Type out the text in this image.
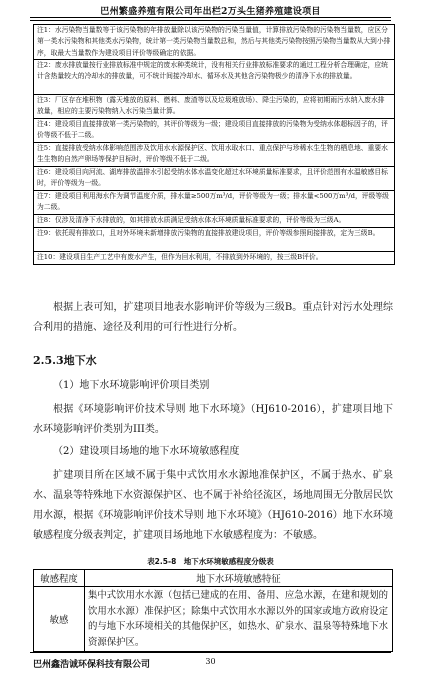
巴州繁盛养殖有限公司年出栏2万头生猪养殖建设项目
注1：水污染物当量数等于该污染物的年排放量除以该污染物的污染当量值，计算排放污染物的污染物当量数，应区分第一类水污染物和其他类水污染物，统计第一类污染物当量数总和，然后与其他类污染物按照污染物当量数从大到小排序，取最大当量数作为建设项目评价等级确定的依据。
注2：废水排放量按行业排放标准中规定的废水种类统计，没有相关行业排放标准要求的通过工程分析合理确定，应统计含热量较大的冷却水的排放量，可不统计间接冷却水、循环水及其他含污染物极少的清净下水的排放量。
注3：厂区存在堆积物（露天堆放的原料、燃料、废渣等以及垃圾堆放场）、降尘污染的，应将初期雨污水纳入废水排放量，相应的主要污染物纳入水污染当量计算。
注4：建设项目直接排放第一类污染物的，其评价等级为一级；建设项目直接排放的污染物为受纳水体超标因子的，评价等级不低于二级。
注5：直接排放受纳水体影响范围涉及饮用水水源保护区、饮用水取水口、重点保护与珍稀水生生物的栖息地、重要水生生物的自然产卵场等保护目标时，评价等级不低于二级。
注6：建设项目向河流、湖库排放温排水引起受纳水体水温变化超过水环境质量标准要求，且评价范围有水温敏感目标时，评价等级为一级。
注7：建设项目利用海水作为调节温度介质，排水量≥500万m³/d，评价等级为一级；排水量<500万m³/d，评级等级为二级。
注8：仅涉及清净下水排放的，如其排放水质满足受纳水体水环境质量标准要求的，评价等级为三级A。
注9：依托现有排放口，且对外环境未新增排放污染物的直接排放建设项目，评价等级参照间接排放，定为三级B。
注10：建设项目生产工艺中有废水产生，但作为回水利用，不排放到外环境的，按三级B评价。
根据上表可知，扩建项目地表水影响评价等级为三级B。重点针对污水处理综合利用的措施、途径及利用的可行性进行分析。
2.5.3地下水
（1）地下水环境影响评价项目类别
根据《环境影响评价技术导则 地下水环境》（HJ610-2016），扩建项目地下水环境影响评价类别为III类。
（2）建设项目场地的地下水环境敏感程度
扩建项目所在区域不属于集中式饮用水水源地准保护区，不属于热水、矿泉水、温泉等特殊地下水资源保护区、也不属于补给径流区，场地周围无分散居民饮用水源，根据《环境影响评价技术导则 地下水环境》（HJ610-2016）地下水环境敏感程度分级表判定，扩建项目场地地下水敏感程度为：不敏感。
表2.5-8　地下水环境敏感程度分级表
敏感程度	地下水环境敏感特征
敏感	集中式饮用水水源（包括已建成的在用、备用、应急水源，在建和规划的饮用水水源）准保护区；除集中式饮用水水源以外的国家或地方政府设定的与地下水环境相关的其他保护区，如热水、矿泉水、温泉等特殊地下水资源保护区。
巴州鑫浩诚环保科技有限公司	30
